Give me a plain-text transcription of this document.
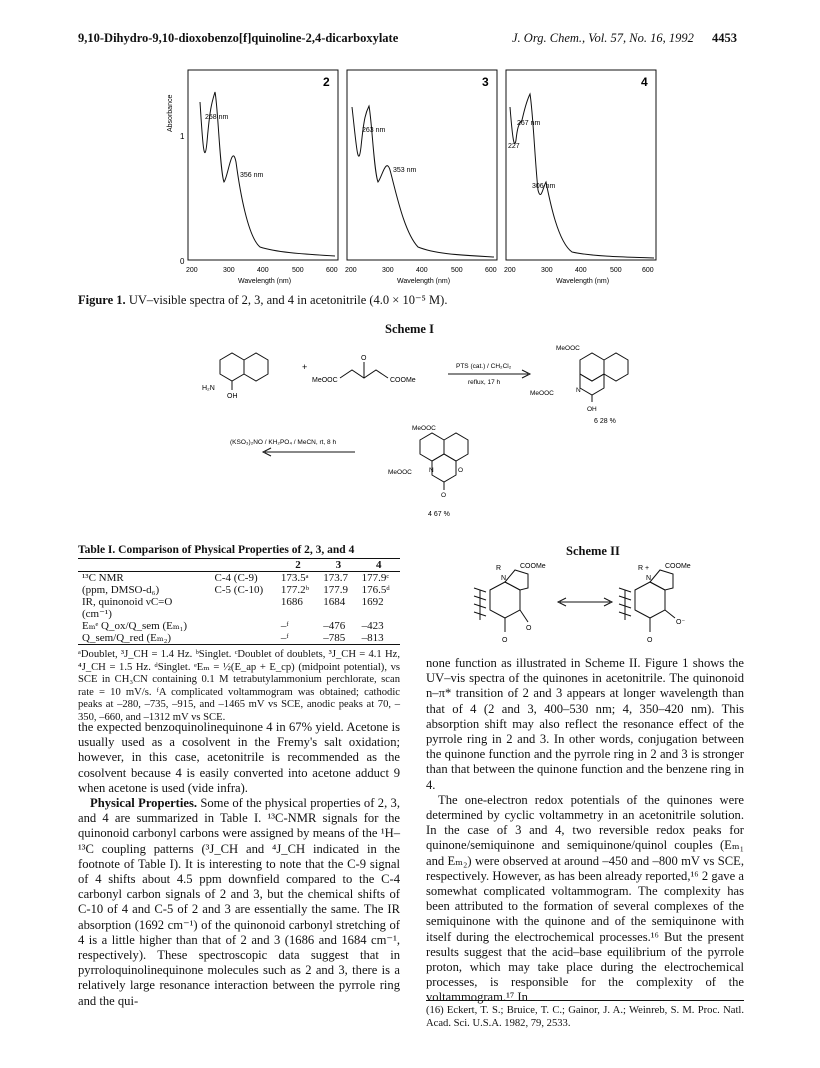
9,10-Dihydro-9,10-dioxobenzo[f]quinoline-2,4-dicarboxylate	J. Org. Chem., Vol. 57, No. 16, 1992 4453
Absorbance
1
0
2	3	4
258 nm
356 nm
263 nm
353 nm
227
267 nm
306 nm
200	300	400	500	600 200	300	400	500	600 200	300	400	500	600
Wavelength (nm)	Wavelength (nm)	Wavelength (nm)
Figure 1. UV–visible spectra of 2, 3, and 4 in acetonitrile (4.0 × 10⁻⁵ M).
Scheme I
H₂N
OH
+
MeOOC
O
COOMe
PTS (cat.) / CH₂Cl₂
reflux, 17 h
MeOOC
MeOOC	N
OH
6 28 %
(KSO₃)₂NO / KH₂PO₄ / MeCN, rt, 8 h
MeOOC
MeOOC	N	O
O
4 67 %
Table I. Comparison of Physical Properties of 2, 3, and 4
		2	3	4
¹³C NMR	C-4 (C-9)	173.5ᵃ	173.7	177.9ᶜ
(ppm, DMSO-d₆)	C-5 (C-10)	177.2ᵇ	177.9	176.5ᵈ
IR, quinonoid νC=O		1686	1684	1692
(cm⁻¹)				
Eₘᵉ Q_ox/Q_sem (Eₘ₁)		–ᶠ	–476	–423
Q_sem/Q_red (Eₘ₂)		–ᶠ	–785	–813
ᵃDoublet, ³J_CH = 1.4 Hz. ᵇSinglet. ᶜDoublet of doublets, ³J_CH = 4.1 Hz, ⁴J_CH = 1.5 Hz. ᵈSinglet. ᵉEₘ = ½(E_ap + E_cp) (midpoint potential), vs SCE in CH₃CN containing 0.1 M tetrabutylammonium perchlorate, scan rate = 10 mV/s. ᶠA complicated voltammogram was obtained; cathodic peaks at –280, –735, –915, and –1465 mV vs SCE, anodic peaks at 70, –350, –660, and –1312 mV vs SCE.
Scheme II
R	COOMe
N
O
O
R + COOMe
N
O
O⁻

the expected benzoquinolinequinone 4 in 67% yield. Acetone is usually used as a cosolvent in the Fremy's salt oxidation; however, in this case, acetonitrile is recommended as the cosolvent because 4 is easily converted into acetone adduct 9 when acetone is used (vide infra).

Physical Properties. Some of the physical properties of 2, 3, and 4 are summarized in Table I. ¹³C-NMR signals for the quinonoid carbonyl carbons were assigned by means of the ¹H–¹³C coupling patterns (³J_CH and ⁴J_CH indicated in the footnote of Table I). It is interesting to note that the C-9 signal of 4 shifts about 4.5 ppm downfield compared to the C-4 carbonyl carbon signals of 2 and 3, but the chemical shifts of C-10 of 4 and C-5 of 2 and 3 are essentially the same. The IR absorption (1692 cm⁻¹) of the quinonoid carbonyl stretching of 4 is a little higher than that of 2 and 3 (1686 and 1684 cm⁻¹, respectively). These spectroscopic data suggest that in pyrroloquinolinequinone molecules such as 2 and 3, there is a relatively large resonance interaction between the pyrrole ring and the qui-

none function as illustrated in Scheme II. Figure 1 shows the UV–vis spectra of the quinones in acetonitrile. The quinonoid n–π* transition of 2 and 3 appears at longer wavelength than that of 4 (2 and 3, 400–530 nm; 4, 350–420 nm). This absorption shift may also reflect the resonance effect of the pyrrole ring in 2 and 3. In other words, conjugation between the quinone function and the pyrrole ring in 2 and 3 is stronger than that between the quinone function and the benzene ring in 4.

The one-electron redox potentials of the quinones were determined by cyclic voltammetry in an acetonitrile solution. In the case of 3 and 4, two reversible redox peaks for quinone/semiquinone and semiquinone/quinol couples (Eₘ₁ and Eₘ₂) were observed at around –450 and –800 mV vs SCE, respectively. However, as has been already reported,¹⁶ 2 gave a somewhat complicated voltammogram. The complexity has been attributed to the formation of several complexes of the semiquinone with the quinone and of the semiquinone with itself during the electrochemical processes.¹⁶ But the present results suggest that the acid–base equilibrium of the pyrrole proton, which may take place during the electrochemical processes, is responsible for the complexity of the voltammogram.¹⁷ In

(16) Eckert, T. S.; Bruice, T. C.; Gainor, J. A.; Weinreb, S. M. Proc. Natl. Acad. Sci. U.S.A. 1982, 79, 2533.
